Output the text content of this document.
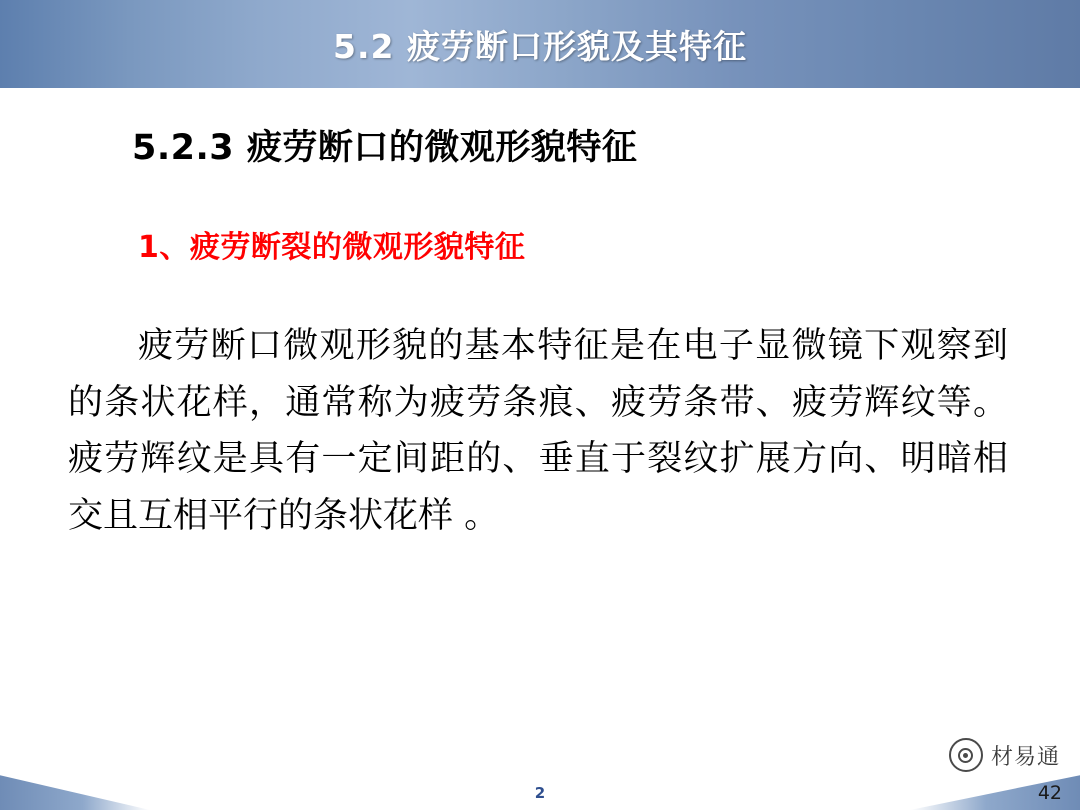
5.2 疲劳断口形貌及其特征
5.2.3 疲劳断口的微观形貌特征
1、疲劳断裂的微观形貌特征
疲劳断口微观形貌的基本特征是在电子显微镜下观察到的条状花样，通常称为疲劳条痕、疲劳条带、疲劳辉纹等。疲劳辉纹是具有一定间距的、垂直于裂纹扩展方向、明暗相交且互相平行的条状花样 。
材易通
2	42
